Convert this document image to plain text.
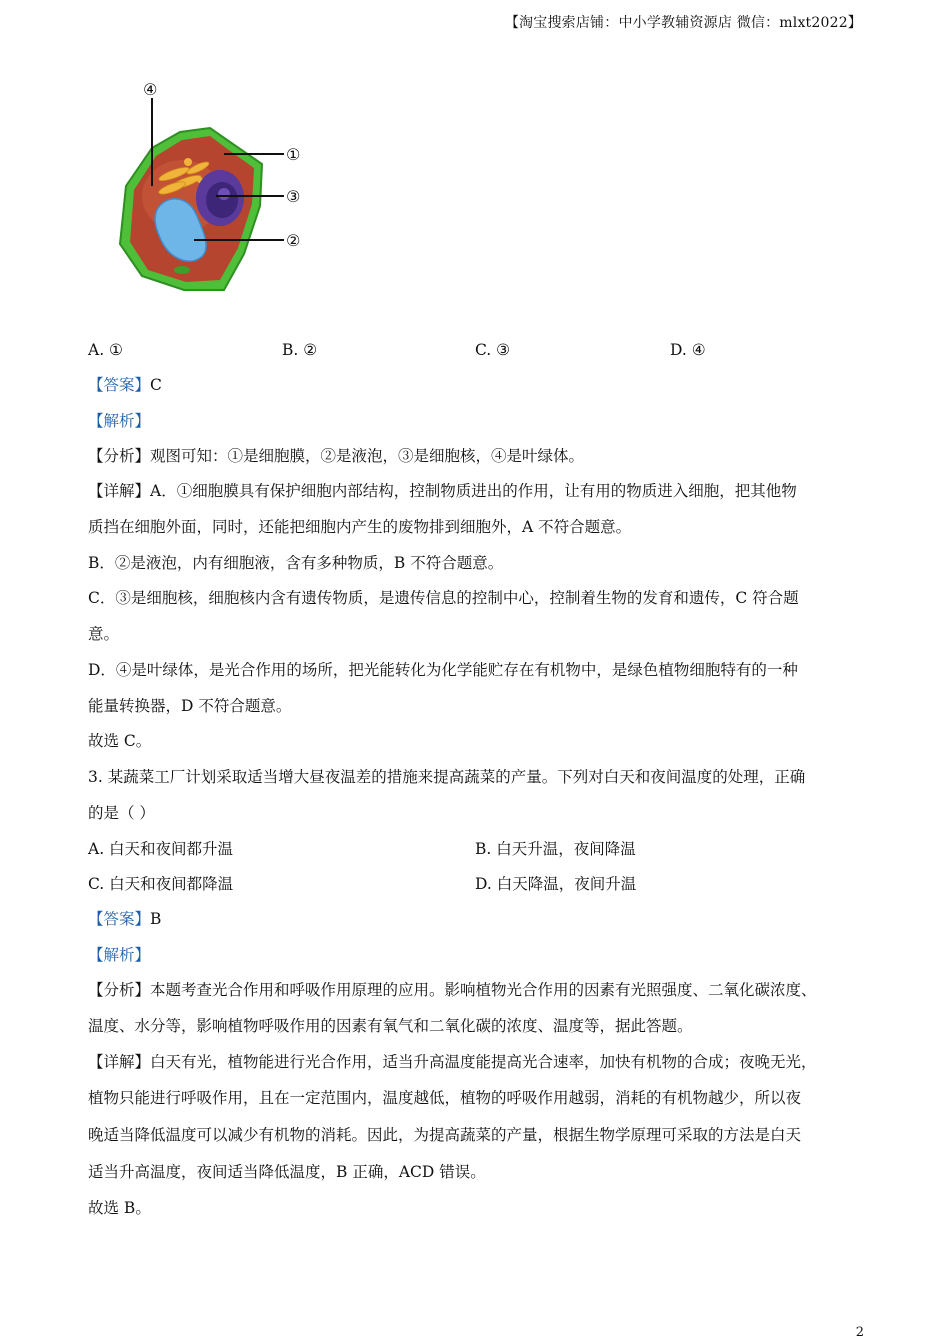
【淘宝搜索店铺：中小学教辅资源店 微信：mlxt2022】
④
①
③
②
A. ①	B. ②	C. ③	D. ④
【答案】C
【解析】
【分析】观图可知：①是细胞膜，②是液泡，③是细胞核，④是叶绿体。
【详解】A．①细胞膜具有保护细胞内部结构，控制物质进出的作用，让有用的物质进入细胞，把其他物
质挡在细胞外面，同时，还能把细胞内产生的废物排到细胞外，A 不符合题意。
B．②是液泡，内有细胞液，含有多种物质，B 不符合题意。
C．③是细胞核，细胞核内含有遗传物质，是遗传信息的控制中心，控制着生物的发育和遗传，C 符合题
意。
D．④是叶绿体，是光合作用的场所，把光能转化为化学能贮存在有机物中，是绿色植物细胞特有的一种
能量转换器，D 不符合题意。
故选 C。
3. 某蔬菜工厂计划采取适当增大昼夜温差的措施来提高蔬菜的产量。下列对白天和夜间温度的处理，正确
的是（ ）
A. 白天和夜间都升温	B. 白天升温，夜间降温
C. 白天和夜间都降温	D. 白天降温，夜间升温
【答案】B
【解析】
【分析】本题考查光合作用和呼吸作用原理的应用。影响植物光合作用的因素有光照强度、二氧化碳浓度、
温度、水分等，影响植物呼吸作用的因素有氧气和二氧化碳的浓度、温度等，据此答题。
【详解】白天有光，植物能进行光合作用，适当升高温度能提高光合速率，加快有机物的合成；夜晚无光，
植物只能进行呼吸作用，且在一定范围内，温度越低，植物的呼吸作用越弱，消耗的有机物越少，所以夜
晚适当降低温度可以减少有机物的消耗。因此，为提高蔬菜的产量，根据生物学原理可采取的方法是白天
适当升高温度，夜间适当降低温度，B 正确，ACD 错误。
故选 B。
2
